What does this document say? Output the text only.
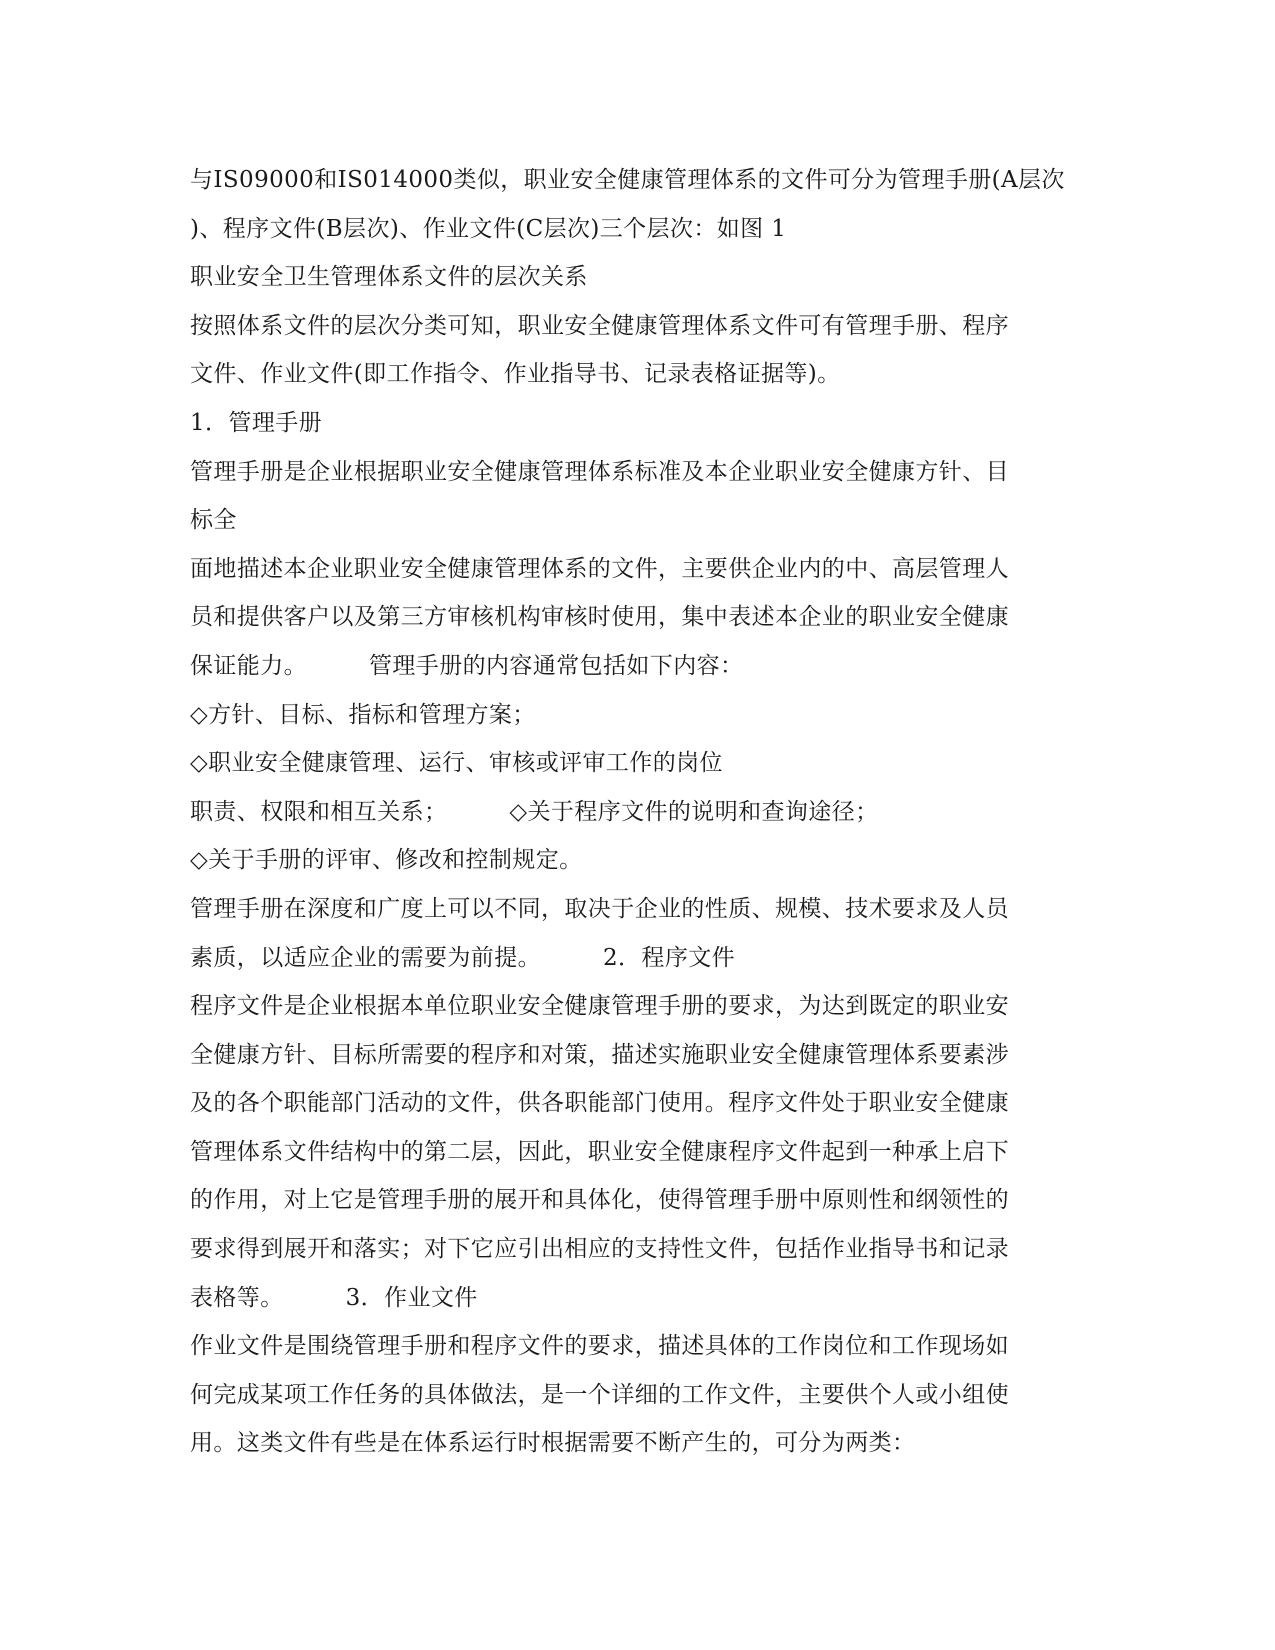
与IS09000和IS014000类似，职业安全健康管理体系的文件可分为管理手册(A层次
)、程序文件(B层次)、作业文件(C层次)三个层次：如图 1
职业安全卫生管理体系文件的层次关系
按照体系文件的层次分类可知，职业安全健康管理体系文件可有管理手册、程序
文件、作业文件(即工作指令、作业指导书、记录表格证据等)。
1．管理手册
管理手册是企业根据职业安全健康管理体系标准及本企业职业安全健康方针、目
标全
面地描述本企业职业安全健康管理体系的文件，主要供企业内的中、高层管理人
员和提供客户以及第三方审核机构审核时使用，集中表述本企业的职业安全健康
保证能力。	管理手册的内容通常包括如下内容：
◇方针、目标、指标和管理方案；
◇职业安全健康管理、运行、审核或评审工作的岗位
职责、权限和相互关系；	◇关于程序文件的说明和查询途径；
◇关于手册的评审、修改和控制规定。
管理手册在深度和广度上可以不同，取决于企业的性质、规模、技术要求及人员
素质，以适应企业的需要为前提。	2．程序文件
程序文件是企业根据本单位职业安全健康管理手册的要求，为达到既定的职业安
全健康方针、目标所需要的程序和对策，描述实施职业安全健康管理体系要素涉
及的各个职能部门活动的文件，供各职能部门使用。程序文件处于职业安全健康
管理体系文件结构中的第二层，因此，职业安全健康程序文件起到一种承上启下
的作用，对上它是管理手册的展开和具体化，使得管理手册中原则性和纲领性的
要求得到展开和落实；对下它应引出相应的支持性文件，包括作业指导书和记录
表格等。	3．作业文件
作业文件是围绕管理手册和程序文件的要求，描述具体的工作岗位和工作现场如
何完成某项工作任务的具体做法，是一个详细的工作文件，主要供个人或小组使
用。这类文件有些是在体系运行时根据需要不断产生的，可分为两类：
